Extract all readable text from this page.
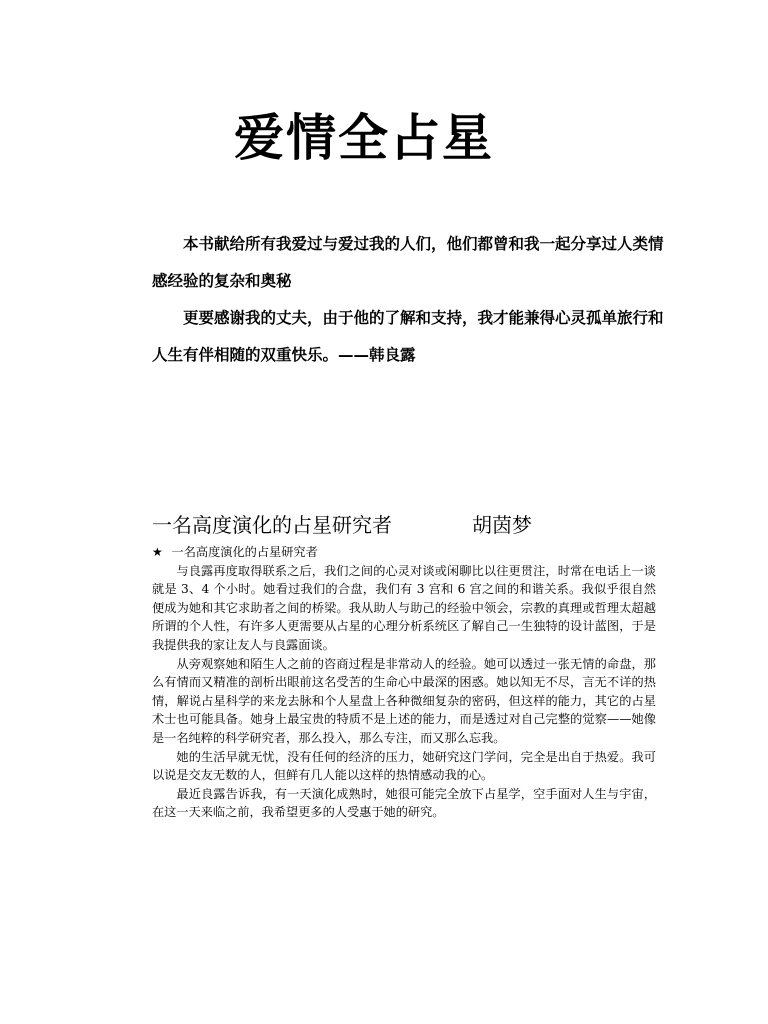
爱情全占星

本书献给所有我爱过与爱过我的人们，他们都曾和我一起分享过人类情感经验的复杂和奥秘

更要感谢我的丈夫，由于他的了解和支持，我才能兼得心灵孤单旅行和人生有伴相随的双重快乐。——韩良露

一名高度演化的占星研究者	胡茵梦

★ 一名高度演化的占星研究者

与良露再度取得联系之后，我们之间的心灵对谈或闲聊比以往更贯注，时常在电话上一谈就是 3、4 个小时。她看过我们的合盘，我们有 3 宫和 6 宫之间的和谐关系。我似乎很自然便成为她和其它求助者之间的桥梁。我从助人与助己的经验中领会，宗教的真理或哲理太超越所谓的个人性，有许多人更需要从占星的心理分析系统区了解自己一生独特的设计蓝图，于是我提供我的家让友人与良露面谈。

从旁观察她和陌生人之前的咨商过程是非常动人的经验。她可以透过一张无情的命盘，那么有情而又精准的剖析出眼前这名受苦的生命心中最深的困惑。她以知无不尽，言无不详的热情，解说占星科学的来龙去脉和个人星盘上各种微细复杂的密码，但这样的能力，其它的占星术士也可能具备。她身上最宝贵的特质不是上述的能力，而是透过对自己完整的觉察——她像是一名纯粹的科学研究者，那么投入，那么专注，而又那么忘我。

她的生活早就无忧，没有任何的经济的压力，她研究这门学问，完全是出自于热爱。我可以说是交友无数的人，但鲜有几人能以这样的热情感动我的心。

最近良露告诉我，有一天演化成熟时，她很可能完全放下占星学，空手面对人生与宇宙，在这一天来临之前，我希望更多的人受惠于她的研究。
